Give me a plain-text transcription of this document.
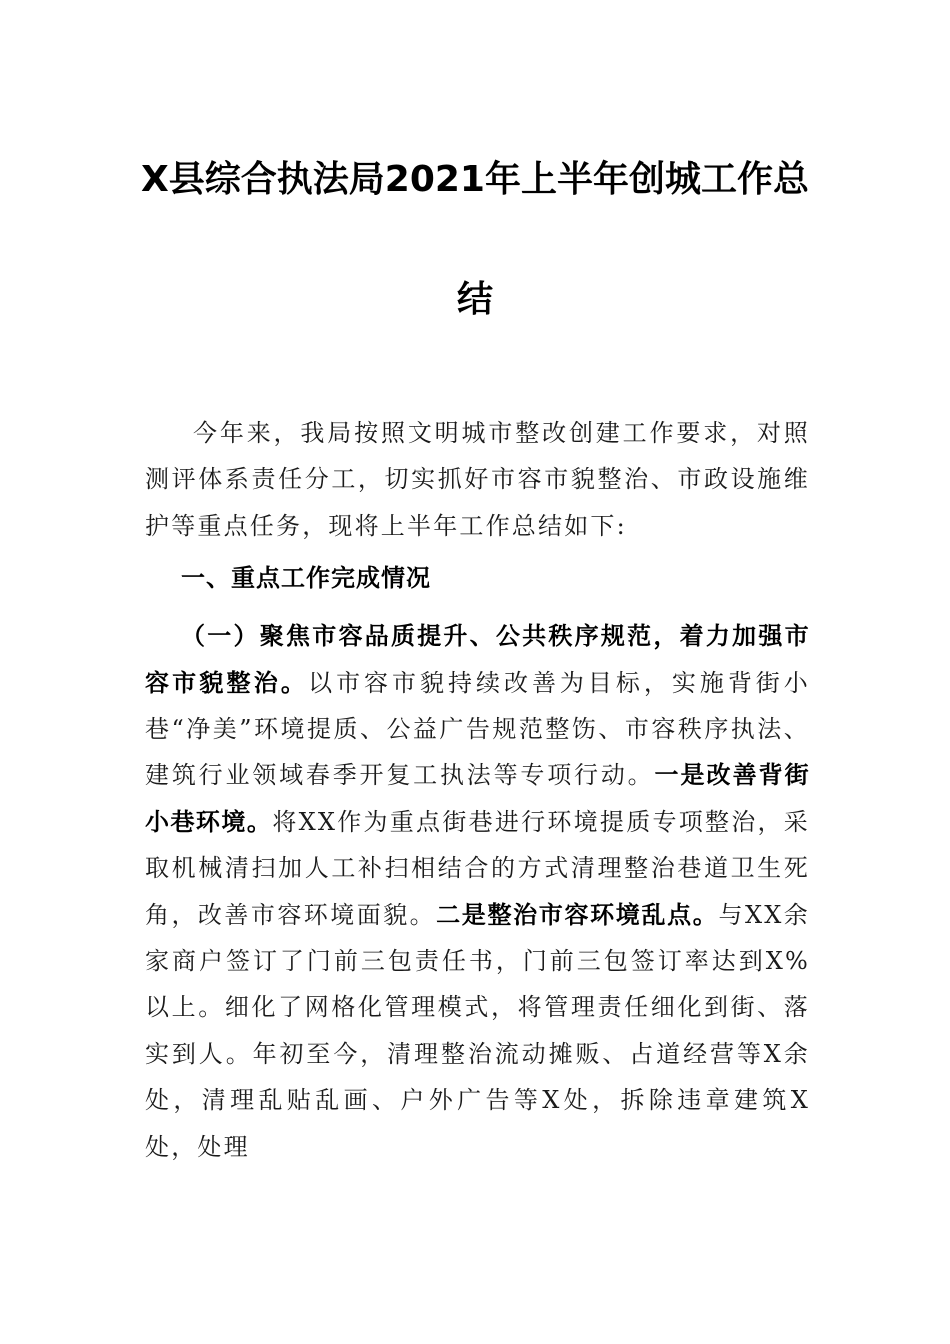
X县综合执法局2021年上半年创城工作总
结

今年来，我局按照文明城市整改创建工作要求，对照测评体系责任分工，切实抓好市容市貌整治、市政设施维护等重点任务，现将上半年工作总结如下:

一、重点工作完成情况

（一）聚焦市容品质提升、公共秩序规范，着力加强市容市貌整治。以市容市貌持续改善为目标，实施背街小巷“净美”环境提质、公益广告规范整饬、市容秩序执法、建筑行业领域春季开复工执法等专项行动。一是改善背街小巷环境。将XX作为重点街巷进行环境提质专项整治，采取机械清扫加人工补扫相结合的方式清理整治巷道卫生死角，改善市容环境面貌。二是整治市容环境乱点。与XX余家商户签订了门前三包责任书，门前三包签订率达到X%以上。细化了网格化管理模式，将管理责任细化到街、落实到人。年初至今，清理整治流动摊贩、占道经营等X余处，清理乱贴乱画、户外广告等X处，拆除违章建筑X处，处理
